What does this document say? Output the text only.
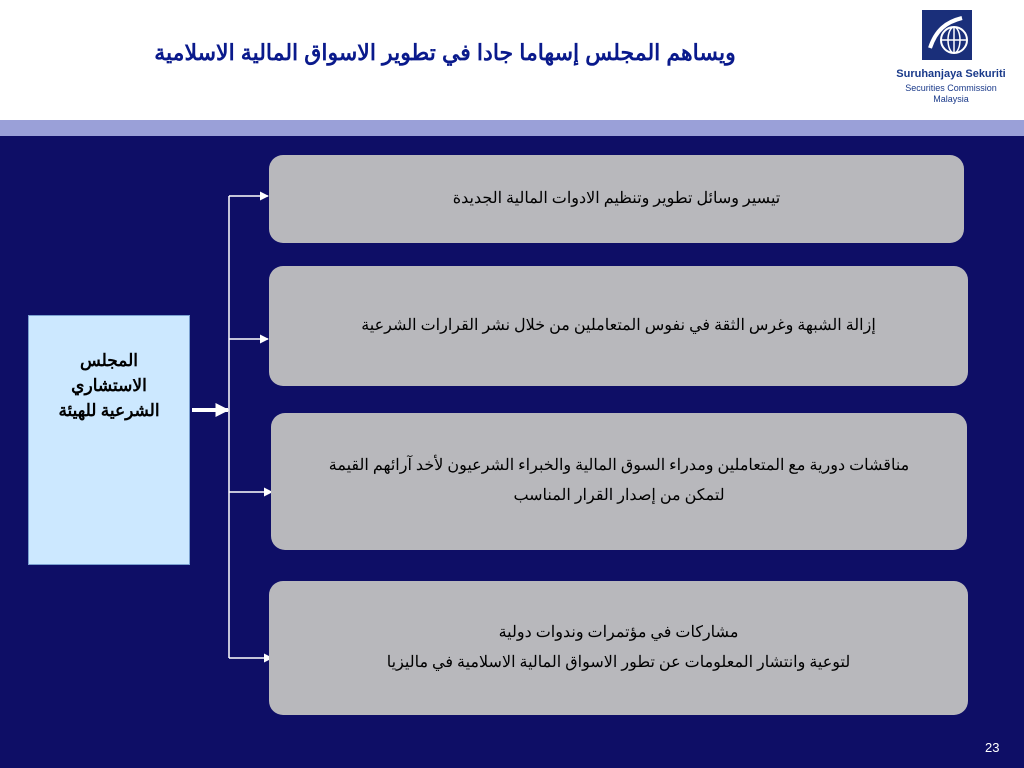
ويساهم المجلس إسهاما جادا في تطوير الاسواق المالية الاسلامية
Suruhanjaya Sekuriti
Securities Commission
Malaysia
المجلس
الاستشاري
الشرعية للهيئة

تيسير وسائل تطوير وتنظيم الادوات المالية الجديدة

إزالة الشبهة وغرس الثقة في نفوس المتعاملين من خلال نشر القرارات الشرعية

مناقشات دورية مع المتعاملين ومدراء السوق المالية والخبراء الشرعيون لأخد آرائهم القيمة

لتمكن من إصدار القرار المناسب

مشاركات في مؤتمرات وندوات دولية

لتوعية وانتشار المعلومات عن تطور الاسواق المالية الاسلامية في ماليزيا

23
